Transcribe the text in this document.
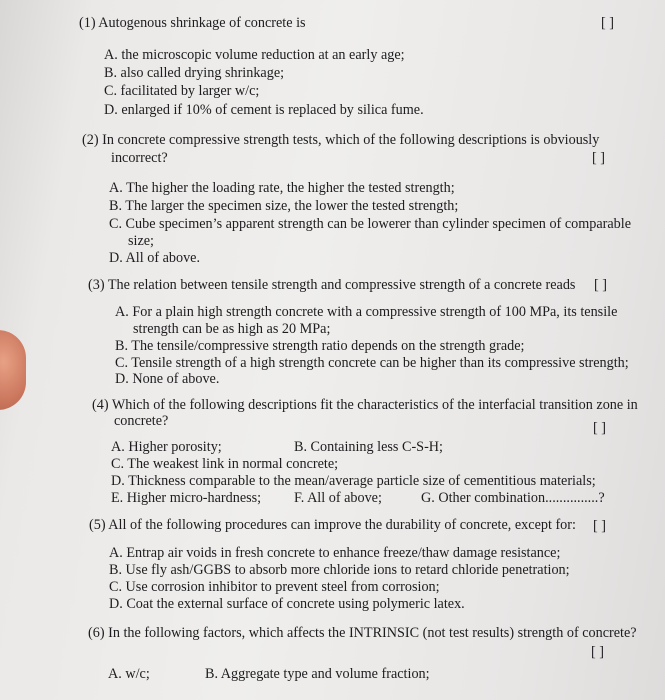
(1) Autogenous shrinkage of concrete is	[ ]
A. the microscopic volume reduction at an early age;
B. also called drying shrinkage;
C. facilitated by larger w/c;
D. enlarged if 10% of cement is replaced by silica fume.
(2) In concrete compressive strength tests, which of the following descriptions is obviously
incorrect?	[ ]
A. The higher the loading rate, the higher the tested strength;
B. The larger the specimen size, the lower the tested strength;
C. Cube specimen’s apparent strength can be lowerer than cylinder specimen of comparable
size;
D. All of above.
(3) The relation between tensile strength and compressive strength of a concrete reads [ ]
A. For a plain high strength concrete with a compressive strength of 100 MPa, its tensile
strength can be as high as 20 MPa;
B. The tensile/compressive strength ratio depends on the strength grade;
C. Tensile strength of a high strength concrete can be higher than its compressive strength;
D. None of above.
(4) Which of the following descriptions fit the characteristics of the interfacial transition zone in
concrete?	[ ]
A. Higher porosity;	B. Containing less C-S-H;
C. The weakest link in normal concrete;
D. Thickness comparable to the mean/average particle size of cementitious materials;
E. Higher micro-hardness; F. All of above;	G. Other combination...............?
(5) All of the following procedures can improve the durability of concrete, except for: [ ]
A. Entrap air voids in fresh concrete to enhance freeze/thaw damage resistance;
B. Use fly ash/GGBS to absorb more chloride ions to retard chloride penetration;
C. Use corrosion inhibitor to prevent steel from corrosion;
D. Coat the external surface of concrete using polymeric latex.
(6) In the following factors, which affects the INTRINSIC (not test results) strength of concrete?
[ ]
A. w/c;	B. Aggregate type and volume fraction;
